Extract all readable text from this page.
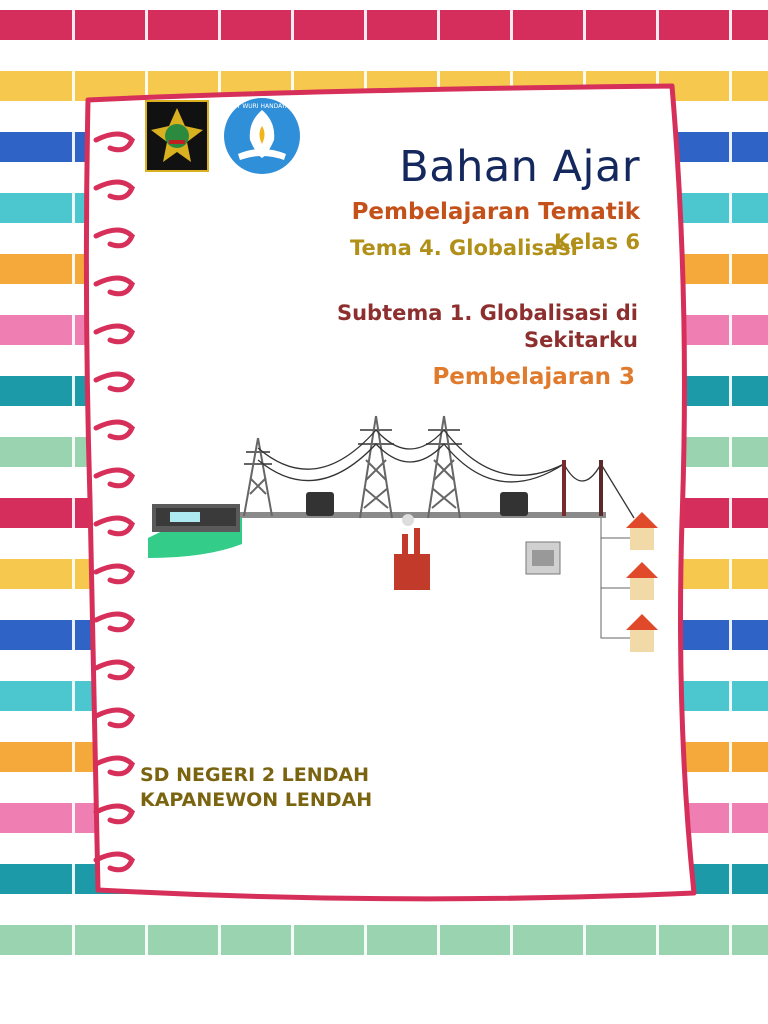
TUT WURI HANDAYANI
Bahan Ajar
Pembelajaran Tematik
Tema 4. Globalisasi
Kelas 6
Subtema 1. Globalisasi di Sekitarku
Pembelajaran 3
SD NEGERI 2 LENDAH
KAPANEWON LENDAH
